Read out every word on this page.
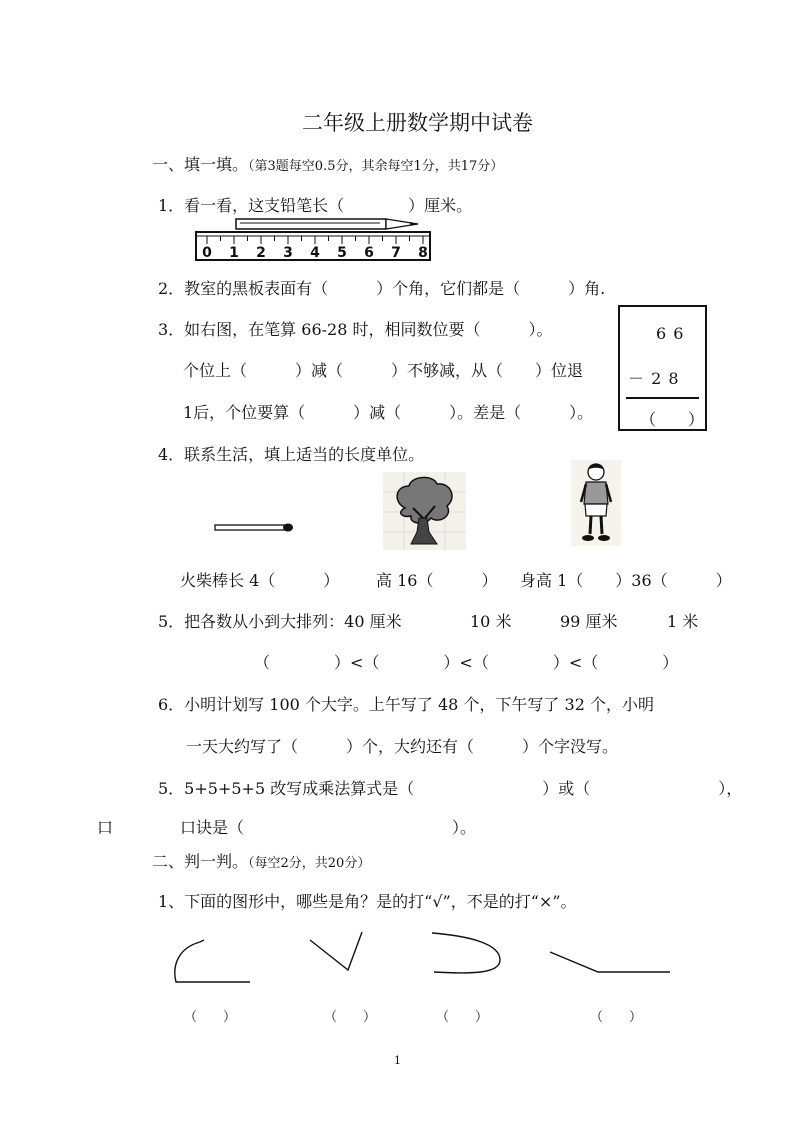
二年级上册数学期中试卷
一、填一填。（第3题每空0.5分，其余每空1分，共17分）
1．看一看，这支铅笔长（　　　　）厘米。
0 1 2 3 4 5 6 7 8
2．教室的黑板表面有（　　　）个角，它们都是（　　　）角.
3．如右图，在笔算 66-28 时，相同数位要（　　　）。
个位上（　　　）减（　　　）不够减，从（　　）位退
1后，个位要算（　　　）减（　　　）。差是（　　　）。
6 6
－ 2 8
（　　）
4．联系生活，填上适当的长度单位。
火柴棒长 4（　　　） 高 16（　　　） 身高 1（　　）36（　　　）
5．把各数从小到大排列：40 厘米	10 米	99 厘米	1 米
（　　　　）<（　　　　）<（　　　　）<（　　　　）
6．小明计划写 100 个大字。上午写了 48 个，下午写了 32 个，小明
一天大约写了（　　　）个，大约还有（　　　）个字没写。
5．5+5+5+5 改写成乘法算式是（　　　　　　　　）或（　　　　　　　　），
口	口诀是（　　　　　　　　　　　　　）。
二、判一判。（每空2分，共20分）
1、下面的图形中，哪些是角？是的打“√”，不是的打“×”。
（　　）	（　　）	（　　）	（　　）
1
